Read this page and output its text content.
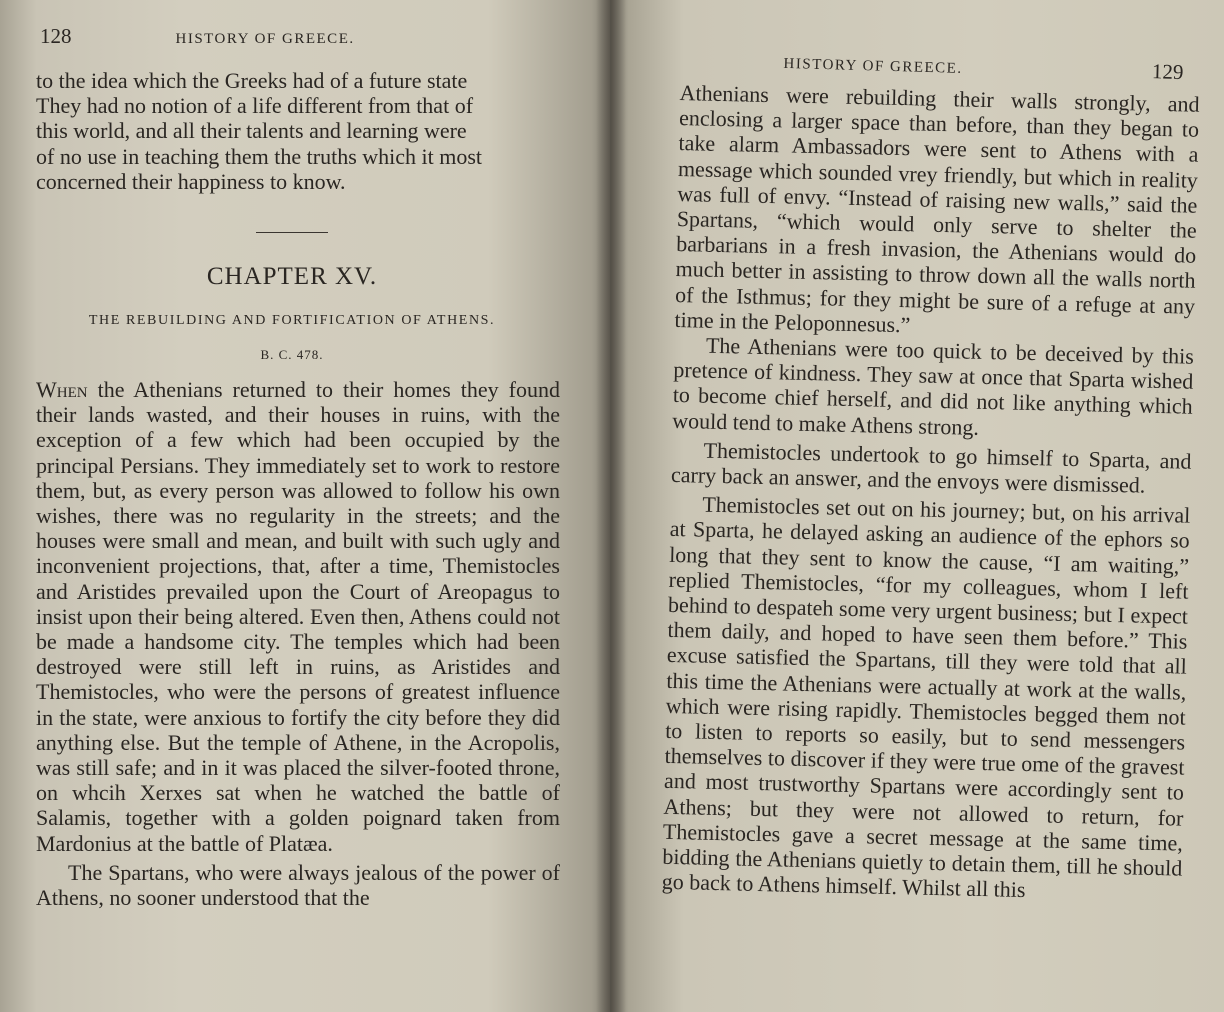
128	HISTORY OF GREECE.
to the idea which the Greeks had of a future state
They had no notion of a life different from that of
this world, and all their talents and learning were
of no use in teaching them the truths which it most
concerned their happiness to know.
CHAPTER XV.
THE REBUILDING AND FORTIFICATION OF ATHENS.
B. C. 478.

When the Athenians returned to their homes they found their lands wasted, and their houses in ruins, with the exception of a few which had been occupied by the principal Persians. They immediately set to work to restore them, but, as every person was allowed to follow his own wishes, there was no regularity in the streets; and the houses were small and mean, and built with such ugly and inconvenient projections, that, after a time, Themistocles and Aristides prevailed upon the Court of Areopagus to insist upon their being altered. Even then, Athens could not be made a handsome city. The temples which had been destroyed were still left in ruins, as Aristides and Themistocles, who were the persons of greatest influence in the state, were anxious to fortify the city before they did anything else. But the temple of Athene, in the Acropolis, was still safe; and in it was placed the silver-footed throne, on whcih Xerxes sat when he watched the battle of Salamis, together with a golden poignard taken from Mardonius at the battle of Platæa.

The Spartans, who were always jealous of the power of Athens, no sooner understood that the

HISTORY OF GREECE.	129

Athenians were rebuilding their walls strongly, and enclosing a larger space than before, than they began to take alarm Ambassadors were sent to Athens with a message which sounded vrey friendly, but which in reality was full of envy. “Instead of raising new walls,” said the Spartans, “which would only serve to shelter the barbarians in a fresh invasion, the Athenians would do much better in assisting to throw down all the walls north of the Isthmus; for they might be sure of a refuge at any time in the Peloponnesus.”

The Athenians were too quick to be deceived by this pretence of kindness. They saw at once that Sparta wished to become chief herself, and did not like anything which would tend to make Athens strong.

Themistocles undertook to go himself to Sparta, and carry back an answer, and the envoys were dismissed.

Themistocles set out on his journey; but, on his arrival at Sparta, he delayed asking an audience of the ephors so long that they sent to know the cause, “I am waiting,” replied Themistocles, “for my colleagues, whom I left behind to despateh some very urgent business; but I expect them daily, and hoped to have seen them before.” This excuse satisfied the Spartans, till they were told that all this time the Athenians were actually at work at the walls, which were rising rapidly. Themistocles begged them not to listen to reports so easily, but to send messengers themselves to discover if they were true ome of the gravest and most trustworthy Spartans were accordingly sent to Athens; but they were not allowed to return, for Themistocles gave a secret message at the same time, bidding the Athenians quietly to detain them, till he should go back to Athens himself. Whilst all this
